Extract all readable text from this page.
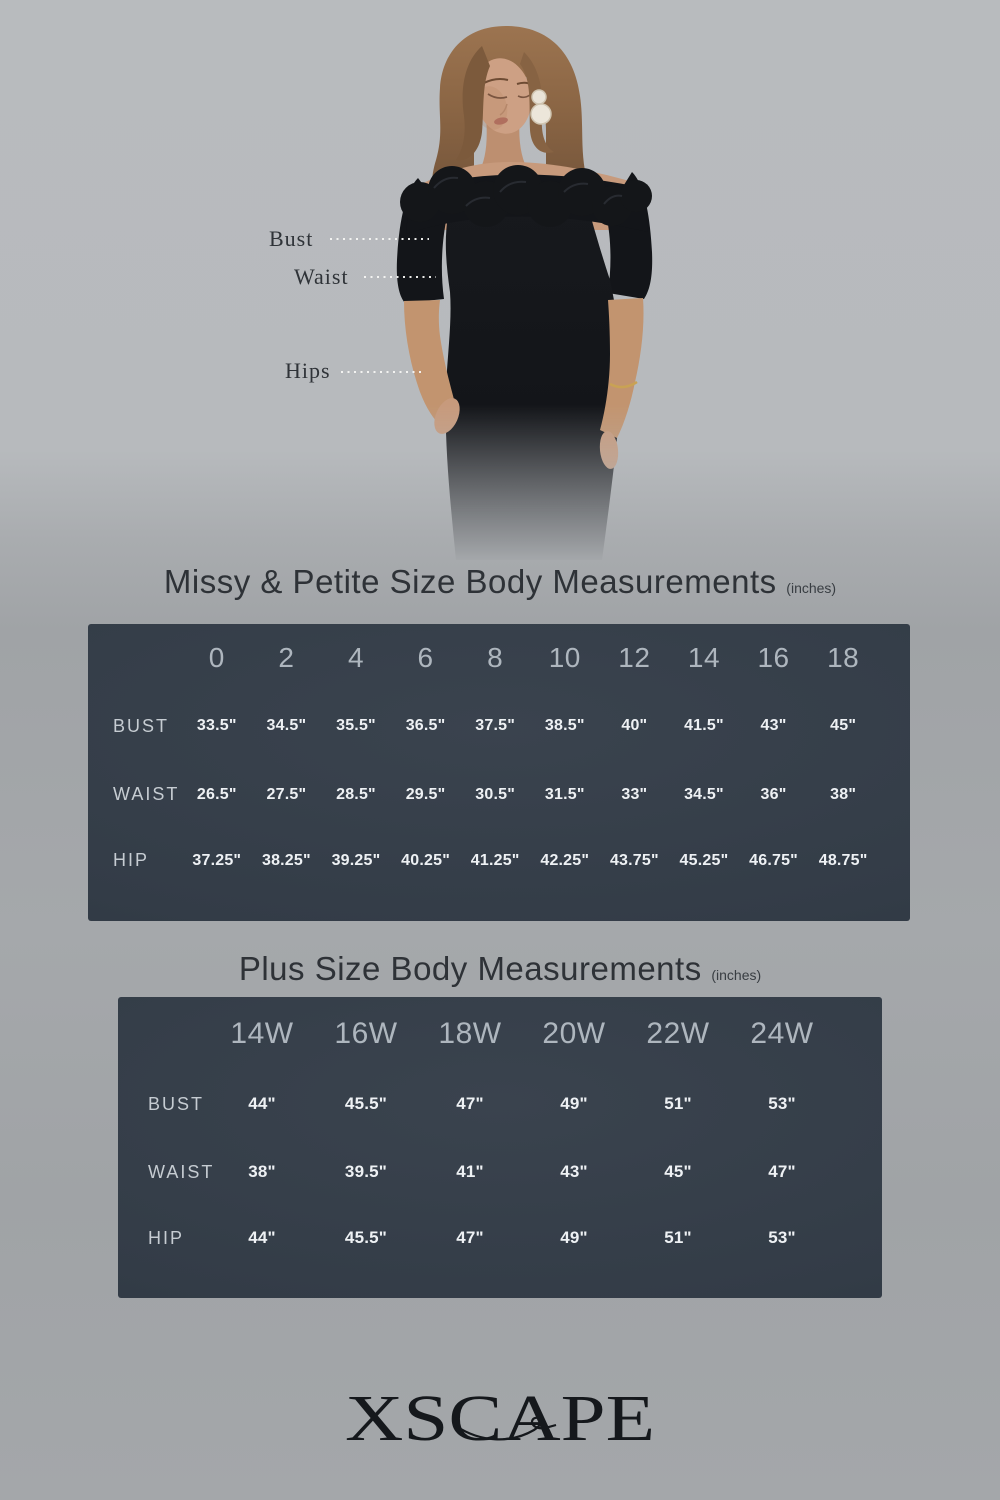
Bust
Waist
Hips
Missy & Petite Size Body Measurements (inches)
0	2	4	6	8	10	12	14	16	18
BUST	33.5"	34.5"	35.5"	36.5"	37.5"	38.5"	40"	41.5"	43"	45"
WAIST	26.5"	27.5"	28.5"	29.5"	30.5"	31.5"	33"	34.5"	36"	38"
HIP	37.25"	38.25"	39.25"	40.25"	41.25"	42.25"	43.75"	45.25"	46.75"	48.75"
Plus Size Body Measurements (inches)
14W	16W	18W	20W	22W	24W
BUST	44"	45.5"	47"	49"	51"	53"
WAIST	38"	39.5"	41"	43"	45"	47"
HIP	44"	45.5"	47"	49"	51"	53"
XSCAPE
